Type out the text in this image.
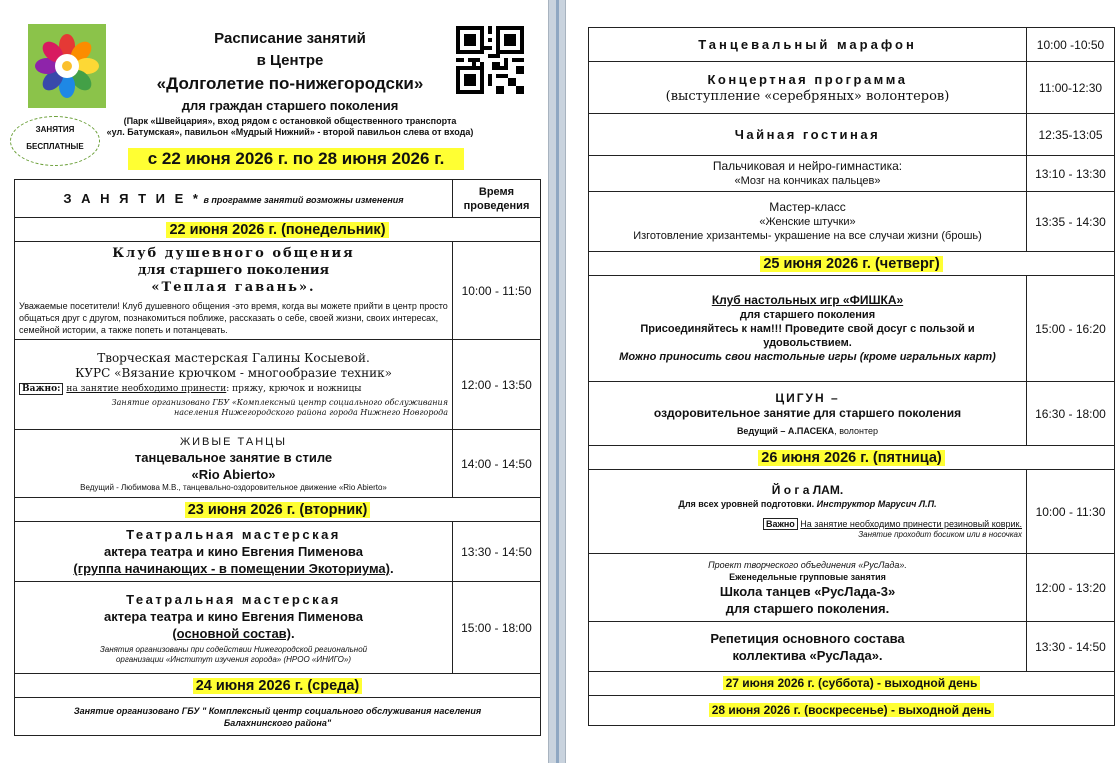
Расписание занятий
в Центре
«Долголетие по-нижегородски»
для граждан старшего поколения
(Парк «Швейцария», вход рядом с остановкой общественного транспорта
«ул. Батумская», павильон «Мудрый Нижний» - второй павильон слева от входа)
ЗАНЯТИЯ
БЕСПЛАТНЫЕ
с 22 июня 2026 г. по 28 июня 2026 г.
З А Н Я Т И Е * в программе занятий возможны изменения	Время
проведения

22 июня 2026 г. (понедельник)	

Клуб душевного общения
для старшего поколения
«Теплая гавань».
Уважаемые посетители! Клуб душевного общения -это время, когда вы можете прийти в центр просто общаться друг с другом, познакомиться поближе, рассказать о себе, своей жизни, своих интересах, семейной истории, а также попеть и потанцевать.	10:00 - 11:50

Творческая мастерская Галины Косыевой.
КУРС «Вязание крючком - многообразие техник»
Важно: на занятие необходимо принести: пряжу, крючок и ножницы
Занятие организовано ГБУ «Комплексный центр социального обслуживания
населения Нижегородского района города Нижнего Новгорода	12:00 - 13:50

ЖИВЫЕ ТАНЦЫ
танцевальное занятие в стиле
«Rio Abierto»
Ведущий - Любимова М.В., танцевально-оздоровительное движение «Rio Abierto»	14:00 - 14:50
23 июня 2026 г. (вторник)	

Театральная мастерская
актера театра и кино Евгения Пименова
(группа начинающих - в помещении Экоториума).	13:30 - 14:50

Театральная мастерская
актера театра и кино Евгения Пименова
(основной состав).
Занятия организованы при содействии Нижегородской региональной
организации «Институт изучения города» (НРОО «ИНИГО»)	15:00 - 18:00
24 июня 2026 г. (среда)	

Занятие организовано ГБУ " Комплексный центр социального обслуживания населения
Балахнинского района"	
Танцевальный марафон	10:00 -10:50

Концертная программа
(выступление «серебряных» волонтеров)	11:00-12:30
Чайная гостиная	12:35-13:05

Пальчиковая и нейро-гимнастика:
«Мозг на кончиках пальцев»	13:10 - 13:30

Мастер-класс
«Женские штучки»
Изготовление хризантемы- украшение на все случаи жизни (брошь)	13:35 - 14:30
25 июня 2026 г. (четверг)	

Клуб настольных игр «ФИШКА»
для старшего поколения
Присоединяйтесь к нам!!! Проведите свой досуг с пользой и
удовольствием.
Можно приносить свои настольные игры (кроме игральных карт)	15:00 - 16:20

ЦИГУН –
оздоровительное занятие для старшего поколения
Ведущий – А.ПАСЕКА, волонтер	16:30 - 18:00
26 июня 2026 г. (пятница)	

Й о г а ЛАМ.
Для всех уровней подготовки. Инструктор Марусич Л.П.
Важно На занятие необходимо принести резиновый коврик.
Занятие проходит босиком или в носочках	10:00 - 11:30

Проект творческого объединения «РусЛада».
Еженедельные групповые занятия
Школа танцев «РусЛада-3»
для старшего поколения.	12:00 - 13:20

Репетиция основного состава
коллектива «РусЛада».	13:30 - 14:50
27 июня 2026 г. (суббота) - выходной день	
28 июня 2026 г. (воскресенье) - выходной день	
